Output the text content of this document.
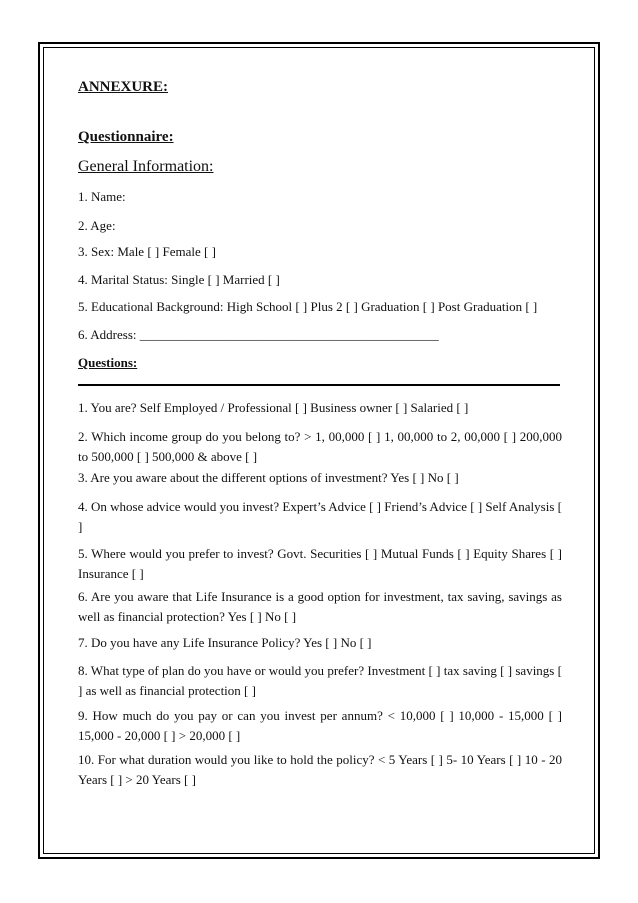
ANNEXURE:
Questionnaire:
General Information:
1. Name:
2. Age:
3. Sex: Male [ ] Female [ ]
4. Marital Status: Single [ ] Married [ ]
5. Educational Background: High School [ ] Plus 2 [ ] Graduation [ ] Post Graduation [ ]
6. Address: ______________________________________________
Questions:
1. You are? Self Employed / Professional [ ] Business owner [ ] Salaried [ ]
2. Which income group do you belong to? > 1, 00,000 [ ] 1, 00,000 to 2, 00,000 [ ] 200,000 to 500,000 [ ] 500,000 & above [ ]
3. Are you aware about the different options of investment? Yes [ ] No [ ]
4. On whose advice would you invest? Expert’s Advice [ ] Friend’s Advice [ ] Self Analysis [ ]
5. Where would you prefer to invest? Govt. Securities [ ] Mutual Funds [ ] Equity Shares [ ] Insurance [ ]
6. Are you aware that Life Insurance is a good option for investment, tax saving, savings as well as financial protection? Yes [ ] No [ ]
7. Do you have any Life Insurance Policy? Yes [ ] No [ ]
8. What type of plan do you have or would you prefer? Investment [ ] tax saving [ ] savings [ ] as well as financial protection [ ]
9. How much do you pay or can you invest per annum? < 10,000 [ ] 10,000 - 15,000 [ ] 15,000 - 20,000 [ ] > 20,000 [ ]
10. For what duration would you like to hold the policy? < 5 Years [ ] 5- 10 Years [ ] 10 - 20 Years [ ] > 20 Years [ ]
